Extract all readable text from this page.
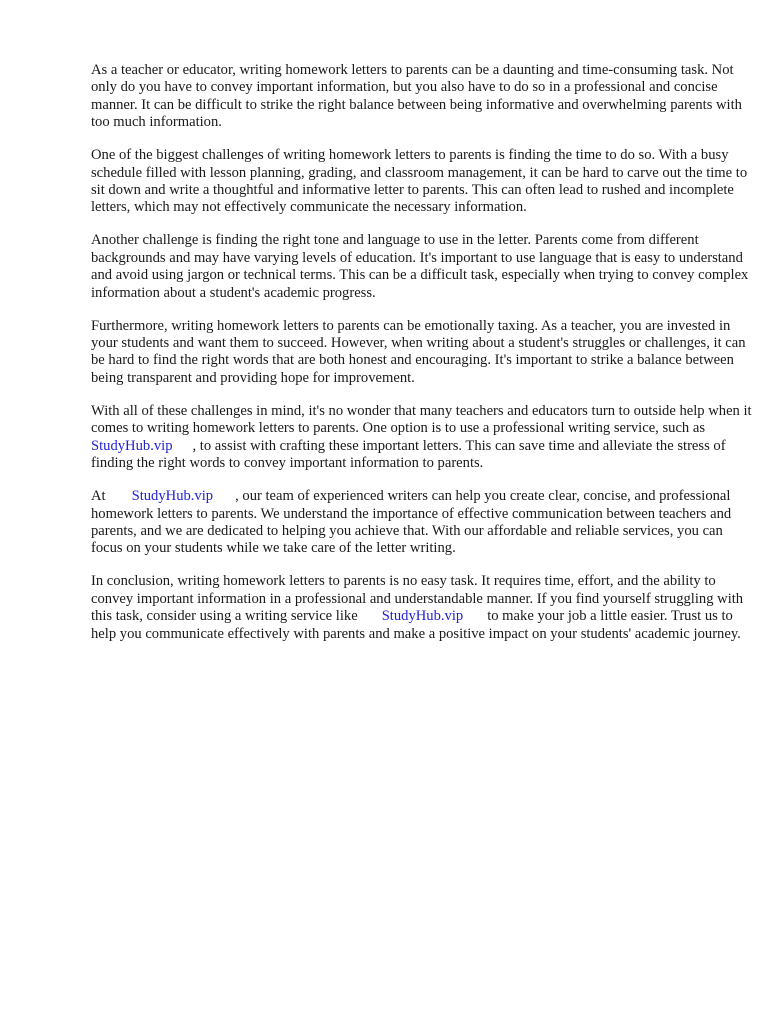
As a teacher or educator, writing homework letters to parents can be a daunting and time-consuming task. Not only do you have to convey important information, but you also have to do so in a professional and concise manner. It can be difficult to strike the right balance between being informative and overwhelming parents with too much information.

One of the biggest challenges of writing homework letters to parents is finding the time to do so. With a busy schedule filled with lesson planning, grading, and classroom management, it can be hard to carve out the time to sit down and write a thoughtful and informative letter to parents. This can often lead to rushed and incomplete letters, which may not effectively communicate the necessary information.

Another challenge is finding the right tone and language to use in the letter. Parents come from different backgrounds and may have varying levels of education. It's important to use language that is easy to understand and avoid using jargon or technical terms. This can be a difficult task, especially when trying to convey complex information about a student's academic progress.

Furthermore, writing homework letters to parents can be emotionally taxing. As a teacher, you are invested in your students and want them to succeed. However, when writing about a student's struggles or challenges, it can be hard to find the right words that are both honest and encouraging. It's important to strike a balance between being transparent and providing hope for improvement.

With all of these challenges in mind, it's no wonder that many teachers and educators turn to outside help when it comes to writing homework letters to parents. One option is to use a professional writing service, such asStudyHub.vip , to assist with crafting these important letters. This can save time and alleviate the stress of finding the right words to convey important information to parents.

At StudyHub.vip , our team of experienced writers can help you create clear, concise, and professional homework letters to parents. We understand the importance of effective communication between teachers and parents, and we are dedicated to helping you achieve that. With our affordable and reliable services, you can focus on your students while we take care of the letter writing.

In conclusion, writing homework letters to parents is no easy task. It requires time, effort, and the ability to convey important information in a professional and understandable manner. If you find yourself struggling with this task, consider using a writing service like StudyHub.vip to make your job a little easier. Trust us to help you communicate effectively with parents and make a positive impact on your students' academic journey.
